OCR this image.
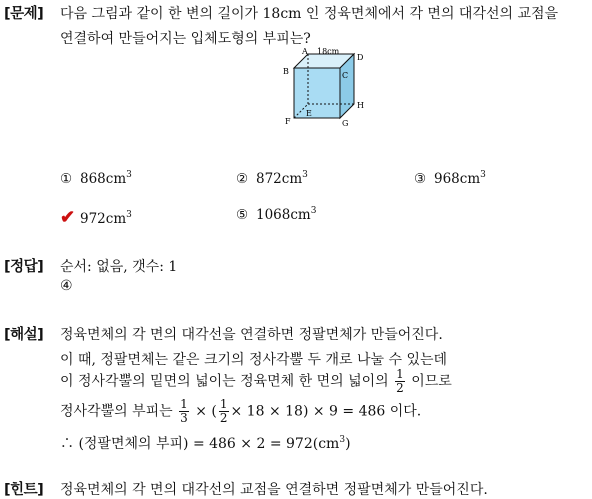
[문제] 다음 그림과 같이 한 변의 길이가 18cm 인 정육면체에서 각 면의 대각선의 교점을
연결하여 만들어지는 입체도형의 부피는?
A 18cm
D
B	C
E
H
F	G
① $868cm^3$	② $872cm^3$	③ $968cm^3$
✔ $972cm^3$	⑤ $1068cm^3$
[정답] 순서: 없음, 갯수: 1
④
[해설] 정육면체의 각 면의 대각선을 연결하면 정팔면체가 만들어진다.
이 때, 정팔면체는 같은 크기의 정사각뿔 두 개로 나눌 수 있는데
이 정사각뿔의 밑면의 넓이는 정육면체 한 면의 넓이의 $\frac{1}{2}$ 이므로
정사각뿔의 부피는 $\frac{1}{3}$ × ( $\frac{1}{2} \times 18 \times 18) \times 9 = 486$ 이다.
∴ (정팔면체의 부피) = $486 \times 2 = 972(cm^3)$
[힌트] 정육면체의 각 면의 대각선의 교점을 연결하면 정팔면체가 만들어진다.
